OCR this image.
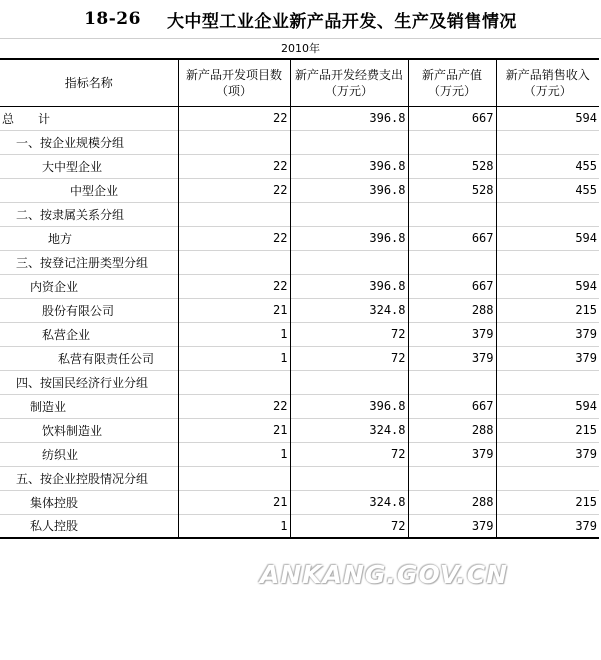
18-26 大中型工业企业新产品开发、生产及销售情况
2010年
指标名称	新产品开发项目数（项）	新产品开发经费支出（万元）	新产品产值（万元）	新产品销售收入（万元）
总　　计	22	396.8	667	594
一、按企业规模分组				
大中型企业	22	396.8	528	455
中型企业	22	396.8	528	455
二、按隶属关系分组				
地方	22	396.8	667	594
三、按登记注册类型分组				
内资企业	22	396.8	667	594
股份有限公司	21	324.8	288	215
私营企业	1	72	379	379
私营有限责任公司	1	72	379	379
四、按国民经济行业分组				
制造业	22	396.8	667	594
饮料制造业	21	324.8	288	215
纺织业	1	72	379	379
五、按企业控股情况分组				
集体控股	21	324.8	288	215
私人控股	1	72	379	379
ANKANG.GOV.CN
